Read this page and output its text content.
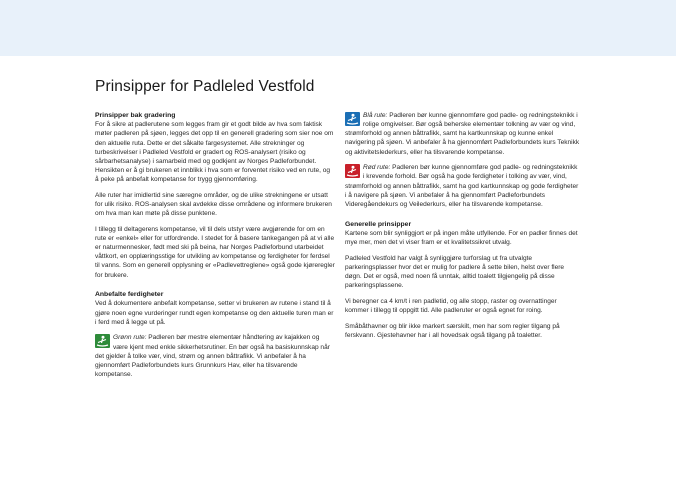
Prinsipper for Padleled Vestfold
Prinsipper bak gradering

For å sikre at padlerutene som legges fram gir et godt bilde av hva som faktisk møter padleren på sjøen, legges det opp til en generell gradering som sier noe om den aktuelle ruta. Dette er det såkalte fargesystemet. Alle strekninger og turbeskrivelser i Padleled Vestfold er gradert og ROS-analysert (risiko og sårbarhetsanalyse) i samarbeid med og godkjent av Norges Padleforbundet. Hensikten er å gi brukeren et innblikk i hva som er forventet risiko ved en rute, og å peke på anbefalt kompetanse for trygg gjennomføring.

Alle ruter har imidlertid sine særegne områder, og de ulike strekningene er utsatt for ulik risiko. ROS-analysen skal avdekke disse områdene og informere brukeren om hva man kan møte på disse punktene.

I tillegg til deltagerens kompetanse, vil til dels utstyr være avgjørende for om en rute er «enkel» eller for utfordrende. I stedet for å basere tankegangen på at vi alle er naturmennesker, født med ski på beina, har Norges Padleforbund utarbeidet våttkort, en opplæringsstige for utvikling av kompetanse og ferdigheter for ferdsel til vanns. Som en generell opplysning er «Padlevettreglene» også gode kjøreregler for brukere.

Anbefalte ferdigheter

Ved å dokumentere anbefalt kompetanse, setter vi brukeren av rutene i stand til å gjøre noen egne vurderinger rundt egen kompetanse og den aktuelle turen man er i ferd med å legge ut på.

Grønn rute: Padleren bør mestre elementær håndtering av kajakken og være kjent med enkle sikkerhetsrutiner. En bør også ha basiskunnskap når det gjelder å tolke vær, vind, strøm og annen båttrafikk. Vi anbefaler å ha gjennomført Padleforbundets kurs Grunnkurs Hav, eller ha tilsvarende kompetanse.
Blå rute: Padleren bør kunne gjennomføre god padle- og redningsteknikk i rolige omgivelser. Bør også beherske elementær tolkning av vær og vind, strømforhold og annen båttrafikk, samt ha kartkunnskap og kunne enkel navigering på sjøen. Vi anbefaler å ha gjennomført Padleforbundets kurs Teknikk og aktivitetslederkurs, eller ha tilsvarende kompetanse.
Rød rute: Padleren bør kunne gjennomføre god padle- og redningsteknikk i krevende forhold. Bør også ha gode ferdigheter i tolking av vær, vind, strømforhold og annen båttrafikk, samt ha god kartkunnskap og gode ferdigheter i å navigere på sjøen. Vi anbefaler å ha gjennomført Padleforbundets Videregåendekurs og Veilederkurs, eller ha tilsvarende kompetanse.
Generelle prinsipper

Kartene som blir synliggjort er på ingen måte utfyllende. For en padler finnes det mye mer, men det vi viser fram er et kvalitetssikret utvalg.

Padleled Vestfold har valgt å synliggjøre turforslag ut fra utvalgte parkeringsplasser hvor det er mulig for padlere å sette bilen, helst over flere døgn. Det er også, med noen få unntak, alltid toalett tilgjengelig på disse parkeringsplassene.

Vi beregner ca 4 km/t i ren padletid, og alle stopp, raster og overnattinger kommer i tillegg til oppgitt tid. Alle padleruter er også egnet for roing.

Småbåthavner og blir ikke markert særskilt, men har som regler tilgang på ferskvann. Gjestehavner har i all hovedsak også tilgang på toaletter.
